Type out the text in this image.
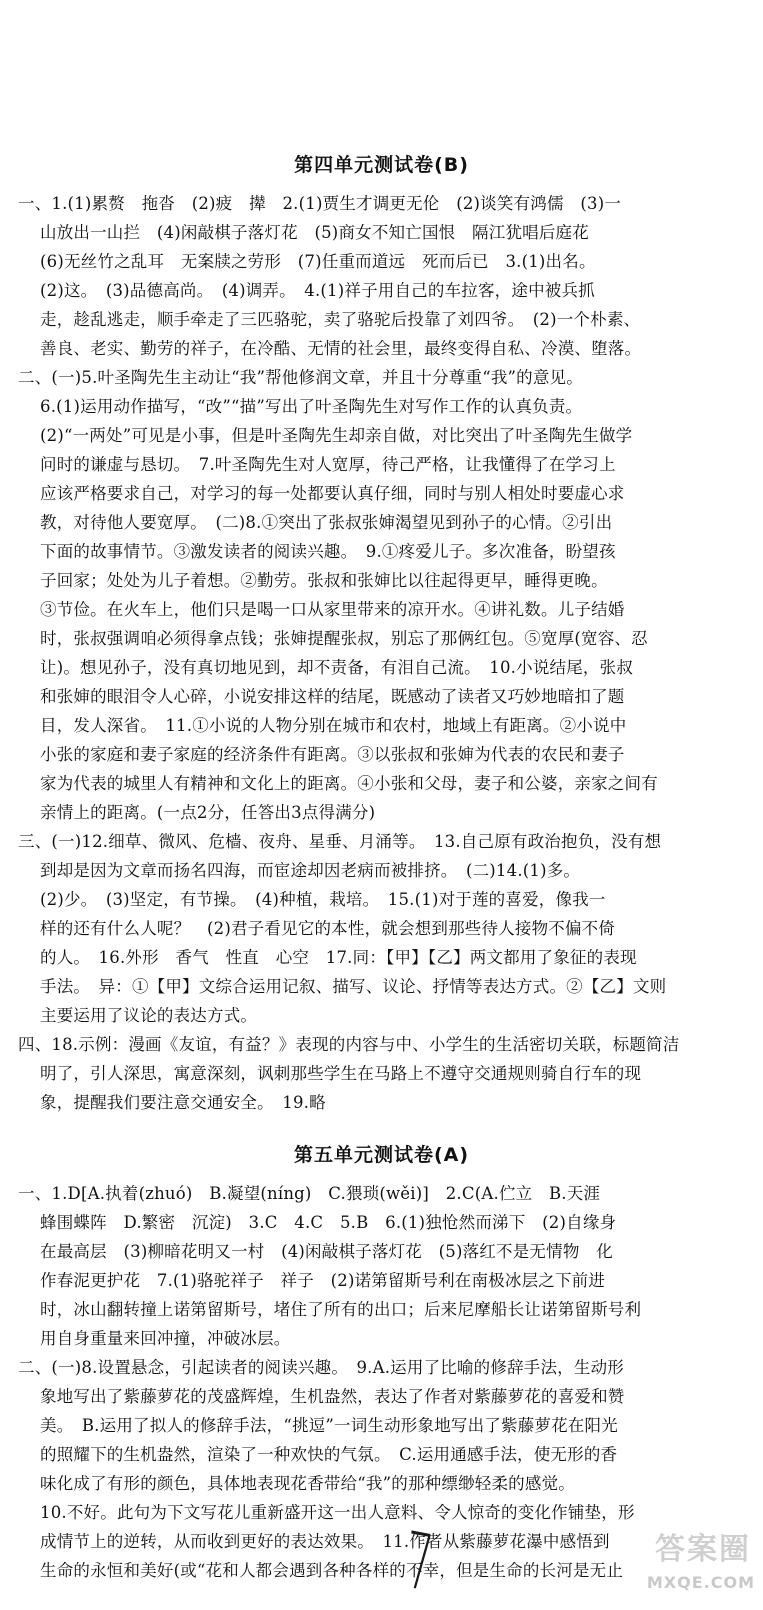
第四单元测试卷(B)
一、1.(1)累赘　拖沓　(2)疲　撵　2.(1)贾生才调更无伦　(2)谈笑有鸿儒　(3)一
山放出一山拦　(4)闲敲棋子落灯花　(5)商女不知亡国恨　隔江犹唱后庭花
(6)无丝竹之乱耳　无案牍之劳形　(7)任重而道远　死而后已　3.(1)出名。
(2)这。　(3)品德高尚。　(4)调弄。　4.(1)祥子用自己的车拉客，途中被兵抓
走，趁乱逃走，顺手牵走了三匹骆驼，卖了骆驼后投靠了刘四爷。　(2)一个朴素、
善良、老实、勤劳的祥子，在冷酷、无情的社会里，最终变得自私、冷漠、堕落。
二、(一)5.叶圣陶先生主动让“我”帮他修润文章，并且十分尊重“我”的意见。
6.(1)运用动作描写，“改”“描”写出了叶圣陶先生对写作工作的认真负责。
(2)“一两处”可见是小事，但是叶圣陶先生却亲自做，对比突出了叶圣陶先生做学
问时的谦虚与恳切。　7.叶圣陶先生对人宽厚，待己严格，让我懂得了在学习上
应该严格要求自己，对学习的每一处都要认真仔细，同时与别人相处时要虚心求
教，对待他人要宽厚。　(二)8.①突出了张叔张婶渴望见到孙子的心情。②引出
下面的故事情节。③激发读者的阅读兴趣。　9.①疼爱儿子。多次准备，盼望孩
子回家；处处为儿子着想。②勤劳。张叔和张婶比以往起得更早，睡得更晚。
③节俭。在火车上，他们只是喝一口从家里带来的凉开水。④讲礼数。儿子结婚
时，张叔强调咱必须得拿点钱；张婶提醒张叔，别忘了那俩红包。⑤宽厚(宽容、忍
让)。想见孙子，没有真切地见到，却不责备，有泪自己流。　10.小说结尾，张叔
和张婶的眼泪令人心碎，小说安排这样的结尾，既感动了读者又巧妙地暗扣了题
目，发人深省。　11.①小说的人物分别在城市和农村，地域上有距离。②小说中
小张的家庭和妻子家庭的经济条件有距离。③以张叔和张婶为代表的农民和妻子
家为代表的城里人有精神和文化上的距离。④小张和父母，妻子和公婆，亲家之间有
亲情上的距离。(一点2分，任答出3点得满分)
三、(一)12.细草、微风、危樯、夜舟、星垂、月涌等。　13.自己原有政治抱负，没有想
到却是因为文章而扬名四海，而宦途却因老病而被排挤。　(二)14.(1)多。
(2)少。　(3)坚定，有节操。　(4)种植，栽培。　15.(1)对于莲的喜爱，像我一
样的还有什么人呢？　(2)君子看见它的本性，就会想到那些待人接物不偏不倚
的人。　16.外形　香气　性直　心空　17.同：【甲】【乙】两文都用了象征的表现
手法。　异：①【甲】文综合运用记叙、描写、议论、抒情等表达方式。②【乙】文则
主要运用了议论的表达方式。
四、18.示例：漫画《友谊，有益？》表现的内容与中、小学生的生活密切关联，标题简洁
明了，引人深思，寓意深刻，讽刺那些学生在马路上不遵守交通规则骑自行车的现
象，提醒我们要注意交通安全。　19.略
第五单元测试卷(A)
一、1.D[A.执着(zhuó)　B.凝望(níng)　C.猥琐(wěi)]　2.C(A.伫立　B.天涯
蜂围蝶阵　D.繁密　沉淀)　3.C　4.C　5.B　6.(1)独怆然而涕下　(2)自缘身
在最高层　(3)柳暗花明又一村　(4)闲敲棋子落灯花　(5)落红不是无情物　化
作春泥更护花　7.(1)骆驼祥子　祥子　(2)诺第留斯号利在南极冰层之下前进
时，冰山翻转撞上诺第留斯号，堵住了所有的出口；后来尼摩船长让诺第留斯号利
用自身重量来回冲撞，冲破冰层。
二、(一)8.设置悬念，引起读者的阅读兴趣。　9.A.运用了比喻的修辞手法，生动形
象地写出了紫藤萝花的茂盛辉煌，生机盎然，表达了作者对紫藤萝花的喜爱和赞
美。　B.运用了拟人的修辞手法，“挑逗”一词生动形象地写出了紫藤萝花在阳光
的照耀下的生机盎然，渲染了一种欢快的气氛。　C.运用通感手法，使无形的香
味化成了有形的颜色，具体地表现花香带给“我”的那种缥缈轻柔的感觉。
10.不好。此句为下文写花儿重新盛开这一出人意料、令人惊奇的变化作铺垫，形
成情节上的逆转，从而收到更好的表达效果。　11.作者从紫藤萝花瀑中感悟到
生命的永恒和美好(或“花和人都会遇到各种各样的不幸，但是生命的长河是无止
7	答案圈
MXQE.COM
